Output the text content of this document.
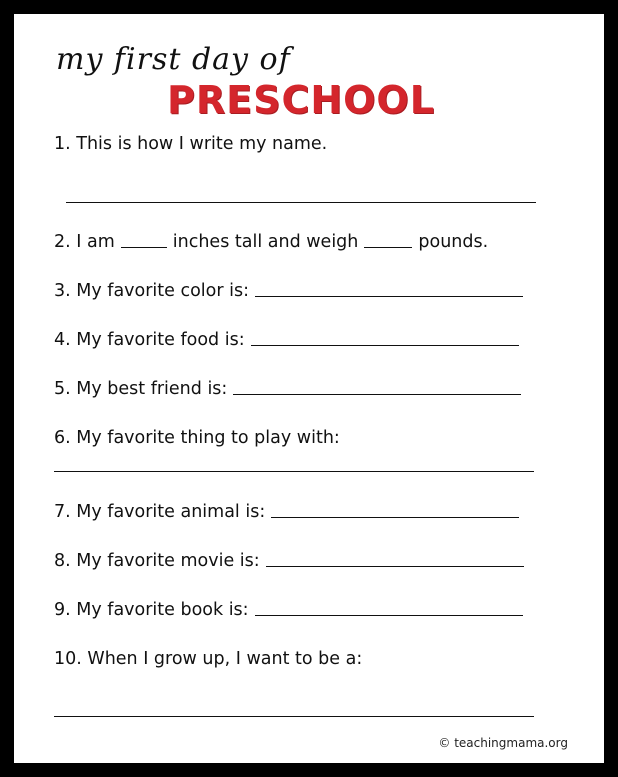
my first day of
PRESCHOOL
1. This is how I write my name.
2. I am	inches tall and weigh	pounds.
3. My favorite color is:
4. My favorite food is:
5. My best friend is:
6. My favorite thing to play with:
7. My favorite animal is:
8. My favorite movie is:
9. My favorite book is:
10. When I grow up, I want to be a:
© teachingmama.org
